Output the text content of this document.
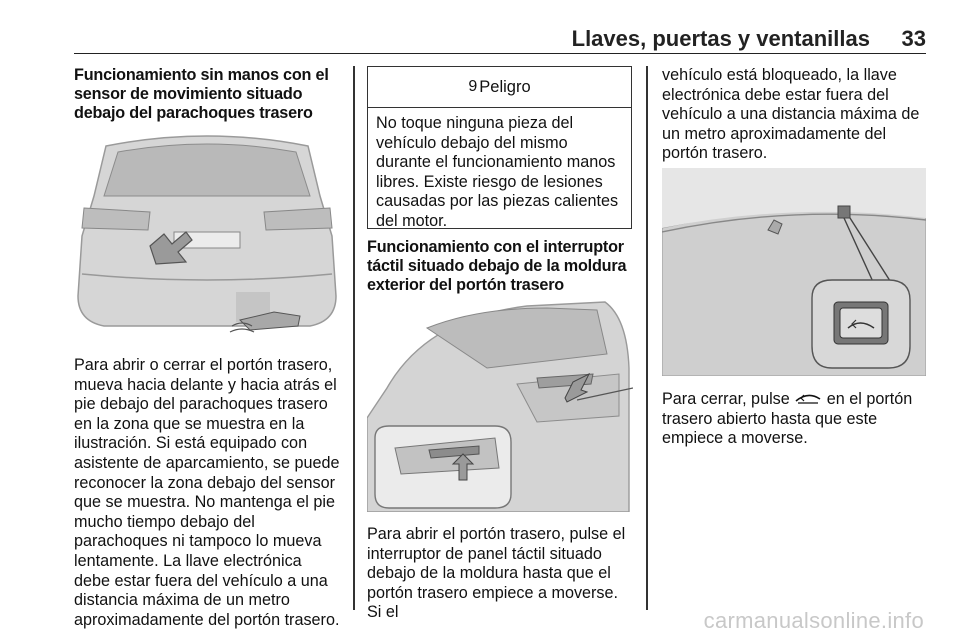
Llaves, puertas y ventanillas 33
Funcionamiento sin manos con el sensor de movimiento situado debajo del parachoques trasero
Para abrir o cerrar el portón trasero, mueva hacia delante y hacia atrás el pie debajo del parachoques trasero en la zona que se muestra en la ilustración. Si está equipado con asistente de aparcamiento, se puede reconocer la zona debajo del sensor que se muestra. No mantenga el pie mucho tiempo debajo del parachoques ni tampoco lo mueva lentamente. La llave electrónica debe estar fuera del vehículo a una distancia máxima de un metro aproximadamente del portón trasero.
9 Peligro
No toque ninguna pieza del vehículo debajo del mismo durante el funcionamiento manos libres. Existe riesgo de lesiones causadas por las piezas calientes del motor.
Funcionamiento con el interruptor táctil situado debajo de la moldura exterior del portón trasero
Para abrir el portón trasero, pulse el interruptor de panel táctil situado debajo de la moldura hasta que el portón trasero empiece a moverse. Si el
vehículo está bloqueado, la llave electrónica debe estar fuera del vehículo a una distancia máxima de un metro aproximadamente del portón trasero.
Para cerrar, pulse en el portón trasero abierto hasta que este empiece a moverse.
carmanualsonline.info
